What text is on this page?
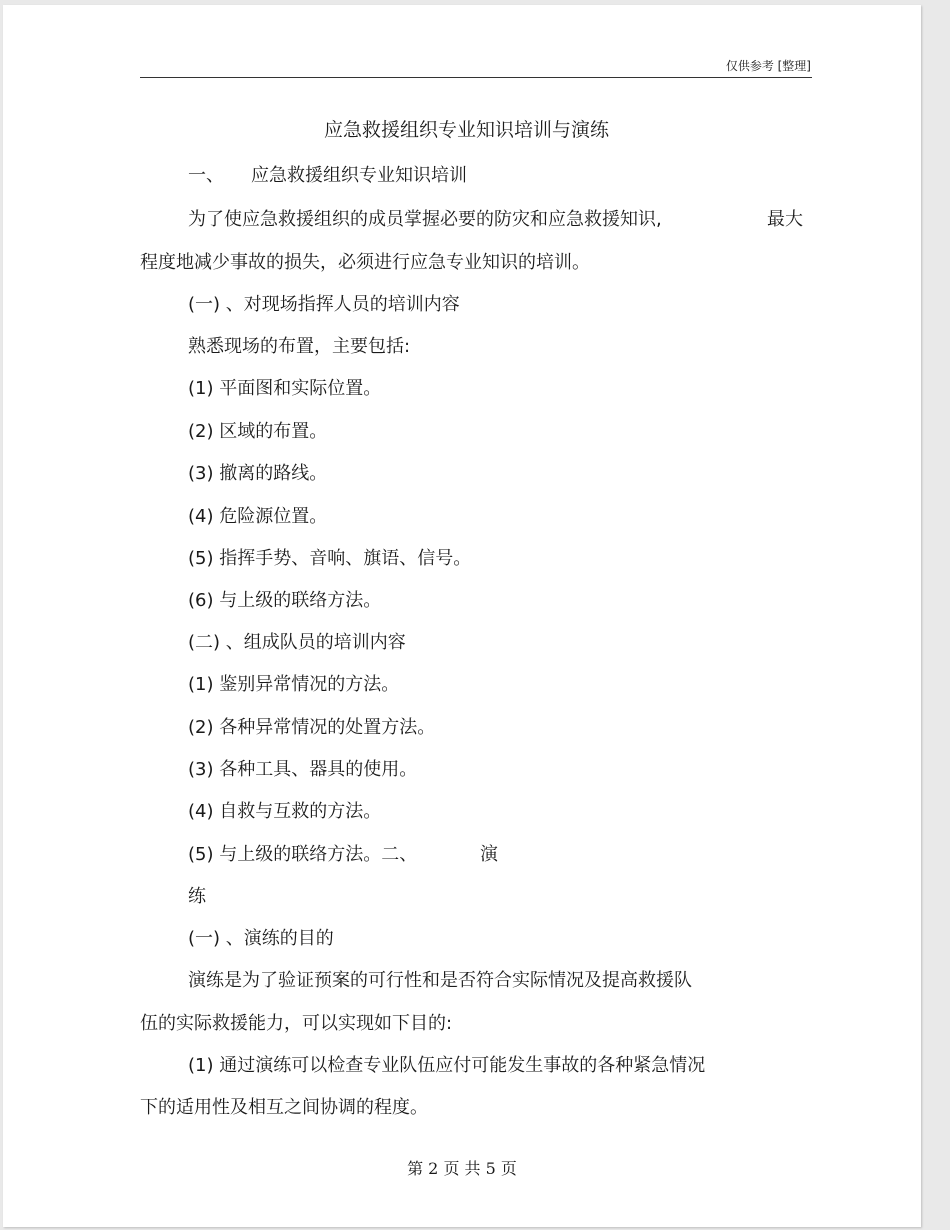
仅供参考 [整理]
应急救援组织专业知识培训与演练
一、 应急救援组织专业知识培训
为了使应急救援组织的成员掌握必要的防灾和应急救援知识,	最大
程度地减少事故的损失，必须进行应急专业知识的培训。
(一) 、对现场指挥人员的培训内容
熟悉现场的布置，主要包括:
(1) 平面图和实际位置。
(2) 区域的布置。
(3) 撤离的路线。
(4) 危险源位置。
(5) 指挥手势、音响、旗语、信号。
(6) 与上级的联络方法。
(二) 、组成队员的培训内容
(1) 鉴别异常情况的方法。
(2) 各种异常情况的处置方法。
(3) 各种工具、器具的使用。
(4) 自救与互救的方法。
(5) 与上级的联络方法。二、	演
练
(一) 、演练的目的
演练是为了验证预案的可行性和是否符合实际情况及提高救援队
伍的实际救援能力，可以实现如下目的:
(1) 通过演练可以检查专业队伍应付可能发生事故的各种紧急情况
下的适用性及相互之间协调的程度。
第 2 页 共 5 页
